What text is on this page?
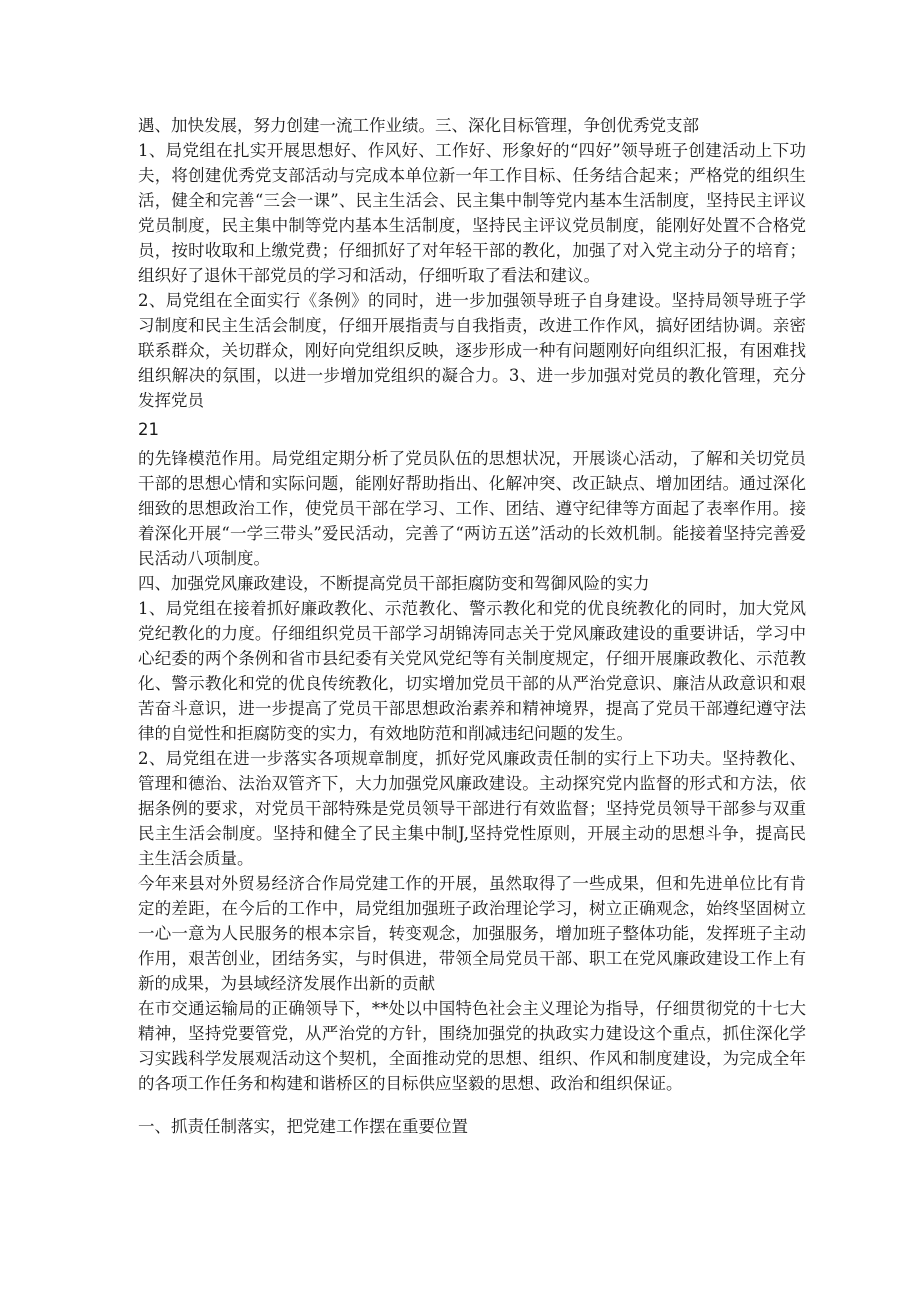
遇、加快发展，努力创建一流工作业绩。三、深化目标管理，争创优秀党支部

1、局党组在扎实开展思想好、作风好、工作好、形象好的“四好”领导班子创建活动上下功夫，将创建优秀党支部活动与完成本单位新一年工作目标、任务结合起来；严格党的组织生活，健全和完善“三会一课”、民主生活会、民主集中制等党内基本生活制度，坚持民主评议党员制度，民主集中制等党内基本生活制度，坚持民主评议党员制度，能刚好处置不合格党员，按时收取和上缴党费；仔细抓好了对年轻干部的教化，加强了对入党主动分子的培育；组织好了退休干部党员的学习和活动，仔细听取了看法和建议。

2、局党组在全面实行《条例》的同时，进一步加强领导班子自身建设。坚持局领导班子学习制度和民主生活会制度，仔细开展指责与自我指责，改进工作作风，搞好团结协调。亲密联系群众，关切群众，刚好向党组织反映，逐步形成一种有问题刚好向组织汇报，有困难找组织解决的氛围，以进一步增加党组织的凝合力。3、进一步加强对党员的教化管理，充分发挥党员

21

的先锋模范作用。局党组定期分析了党员队伍的思想状况，开展谈心活动，了解和关切党员干部的思想心情和实际问题，能刚好帮助指出、化解冲突、改正缺点、增加团结。通过深化细致的思想政治工作，使党员干部在学习、工作、团结、遵守纪律等方面起了表率作用。接着深化开展“一学三带头”爱民活动，完善了“两访五送”活动的长效机制。能接着坚持完善爱民活动八项制度。

四、加强党风廉政建设，不断提高党员干部拒腐防变和驾御风险的实力

1、局党组在接着抓好廉政教化、示范教化、警示教化和党的优良统教化的同时，加大党风党纪教化的力度。仔细组织党员干部学习胡锦涛同志关于党风廉政建设的重要讲话，学习中心纪委的两个条例和省市县纪委有关党风党纪等有关制度规定，仔细开展廉政教化、示范教化、警示教化和党的优良传统教化，切实增加党员干部的从严治党意识、廉洁从政意识和艰苦奋斗意识，进一步提高了党员干部思想政治素养和精神境界，提高了党员干部遵纪遵守法律的自觉性和拒腐防变的实力，有效地防范和削减违纪问题的发生。

2、局党组在进一步落实各项规章制度，抓好党风廉政责任制的实行上下功夫。坚持教化、管理和德治、法治双管齐下，大力加强党风廉政建设。主动探究党内监督的形式和方法，依据条例的要求，对党员干部特殊是党员领导干部进行有效监督；坚持党员领导干部参与双重民主生活会制度。坚持和健全了民主集中制J,坚持党性原则，开展主动的思想斗争，提高民主生活会质量。

今年来县对外贸易经济合作局党建工作的开展，虽然取得了一些成果，但和先进单位比有肯定的差距，在今后的工作中，局党组加强班子政治理论学习，树立正确观念，始终坚固树立一心一意为人民服务的根本宗旨，转变观念，加强服务，增加班子整体功能，发挥班子主动作用，艰苦创业，团结务实，与时俱进，带领全局党员干部、职工在党风廉政建设工作上有新的成果，为县域经济发展作出新的贡献

在市交通运输局的正确领导下，**处以中国特色社会主义理论为指导，仔细贯彻党的十七大精神，坚持党要管党，从严治党的方针，围绕加强党的执政实力建设这个重点，抓住深化学习实践科学发展观活动这个契机，全面推动党的思想、组织、作风和制度建设，为完成全年的各项工作任务和构建和谐桥区的目标供应坚毅的思想、政治和组织保证。

一、抓责任制落实，把党建工作摆在重要位置
